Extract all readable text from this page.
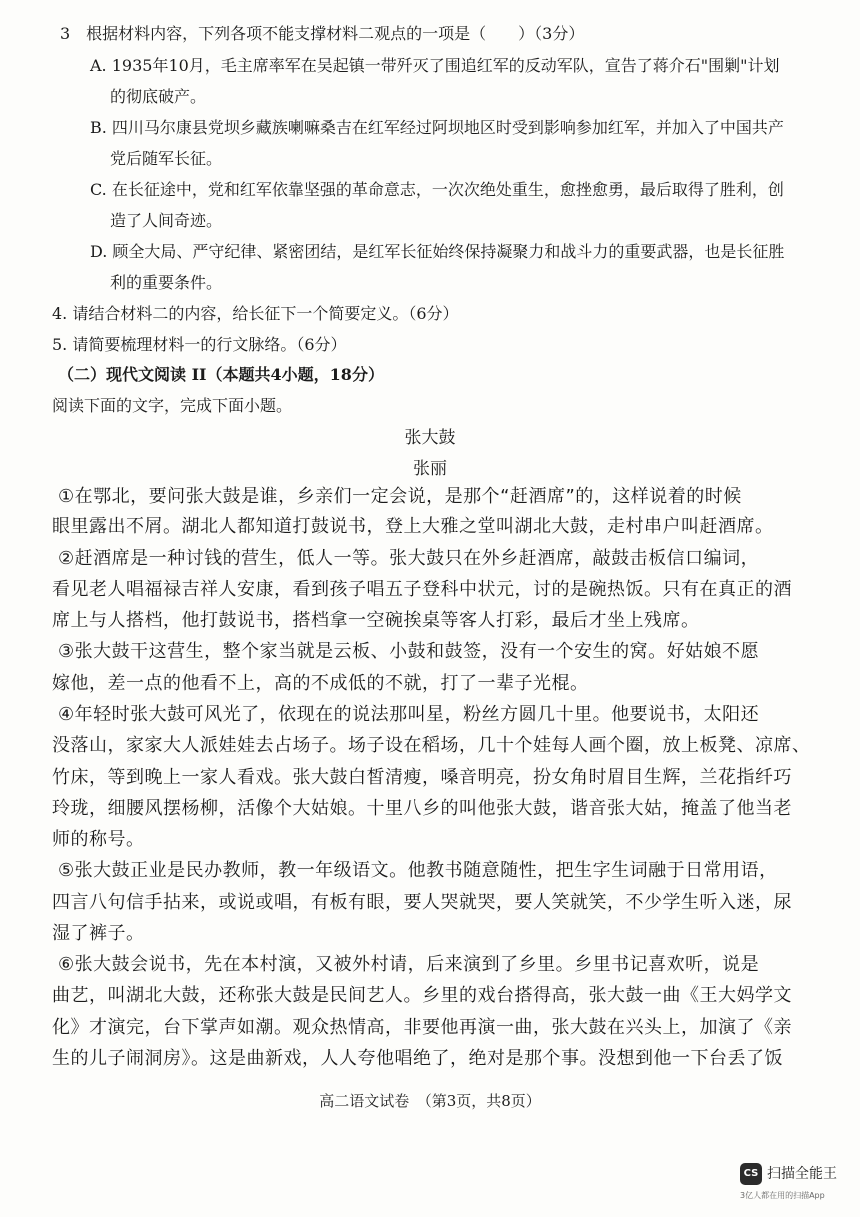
3　根据材料内容，下列各项不能支撑材料二观点的一项是（　　）（3分）
A. 1935年10月，毛主席率军在吴起镇一带歼灭了围追红军的反动军队，宣告了蒋介石"围剿"计划
的彻底破产。
B. 四川马尔康县党坝乡藏族喇嘛桑吉在红军经过阿坝地区时受到影响参加红军，并加入了中国共产
党后随军长征。
C. 在长征途中，党和红军依靠坚强的革命意志，一次次绝处重生，愈挫愈勇，最后取得了胜利，创
造了人间奇迹。
D. 顾全大局、严守纪律、紧密团结，是红军长征始终保持凝聚力和战斗力的重要武器，也是长征胜
利的重要条件。
4. 请结合材料二的内容，给长征下一个简要定义。（6分）
5. 请简要梳理材料一的行文脉络。（6分）
（二）现代文阅读 II（本题共4小题，18分）
阅读下面的文字，完成下面小题。
张大鼓
张丽
①在鄂北，要问张大鼓是谁，乡亲们一定会说，是那个“赶酒席”的，这样说着的时候
眼里露出不屑。湖北人都知道打鼓说书，登上大雅之堂叫湖北大鼓，走村串户叫赶酒席。
②赶酒席是一种讨钱的营生，低人一等。张大鼓只在外乡赶酒席，敲鼓击板信口编词，
看见老人唱福禄吉祥人安康，看到孩子唱五子登科中状元，讨的是碗热饭。只有在真正的酒
席上与人搭档，他打鼓说书，搭档拿一空碗挨桌等客人打彩，最后才坐上残席。
③张大鼓干这营生，整个家当就是云板、小鼓和鼓签，没有一个安生的窝。好姑娘不愿
嫁他，差一点的他看不上，高的不成低的不就，打了一辈子光棍。
④年轻时张大鼓可风光了，依现在的说法那叫星，粉丝方圆几十里。他要说书，太阳还
没落山，家家大人派娃娃去占场子。场子设在稻场，几十个娃每人画个圈，放上板凳、凉席、
竹床，等到晚上一家人看戏。张大鼓白皙清瘦，嗓音明亮，扮女角时眉目生辉，兰花指纤巧
玲珑，细腰风摆杨柳，活像个大姑娘。十里八乡的叫他张大鼓，谐音张大姑，掩盖了他当老
师的称号。
⑤张大鼓正业是民办教师，教一年级语文。他教书随意随性，把生字生词融于日常用语，
四言八句信手拈来，或说或唱，有板有眼，要人哭就哭，要人笑就笑，不少学生听入迷，尿
湿了裤子。
⑥张大鼓会说书，先在本村演，又被外村请，后来演到了乡里。乡里书记喜欢听，说是
曲艺，叫湖北大鼓，还称张大鼓是民间艺人。乡里的戏台搭得高，张大鼓一曲《王大妈学文
化》才演完，台下掌声如潮。观众热情高，非要他再演一曲，张大鼓在兴头上，加演了《亲
生的儿子闹洞房》。这是曲新戏，人人夸他唱绝了，绝对是那个事。没想到他一下台丢了饭
高二语文试卷　（第3页，共8页）
CS 扫描全能王
3亿人都在用的扫描App
